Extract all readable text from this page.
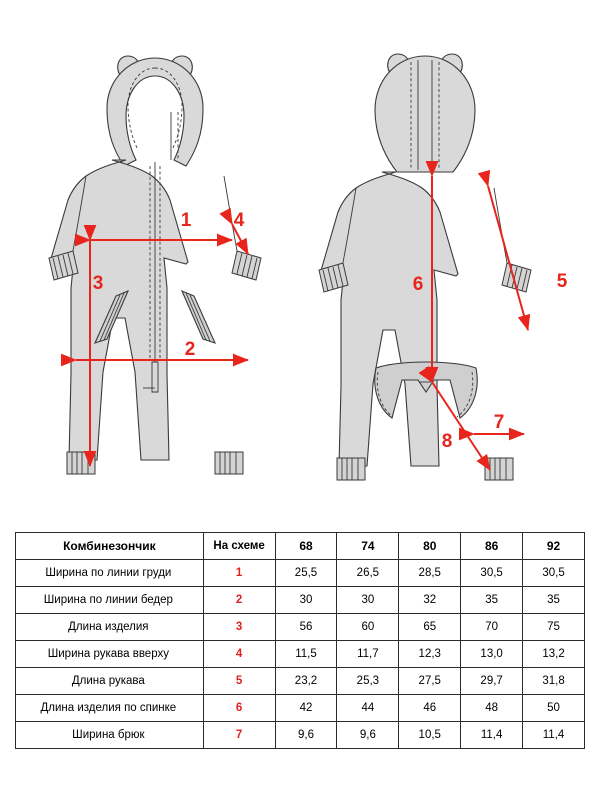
1 4
3
2
6	5
7
8
Комбинезончик	На схеме	68	74	80	86	92
Ширина по линии груди	1	25,5	26,5	28,5	30,5	30,5
Ширина по линии бедер	2	30	30	32	35	35
Длина изделия	3	56	60	65	70	75
Ширина рукава вверху	4	11,5	11,7	12,3	13,0	13,2
Длина рукава	5	23,2	25,3	27,5	29,7	31,8
Длина изделия по спинке	6	42	44	46	48	50
Ширина брюк	7	9,6	9,6	10,5	11,4	11,4
